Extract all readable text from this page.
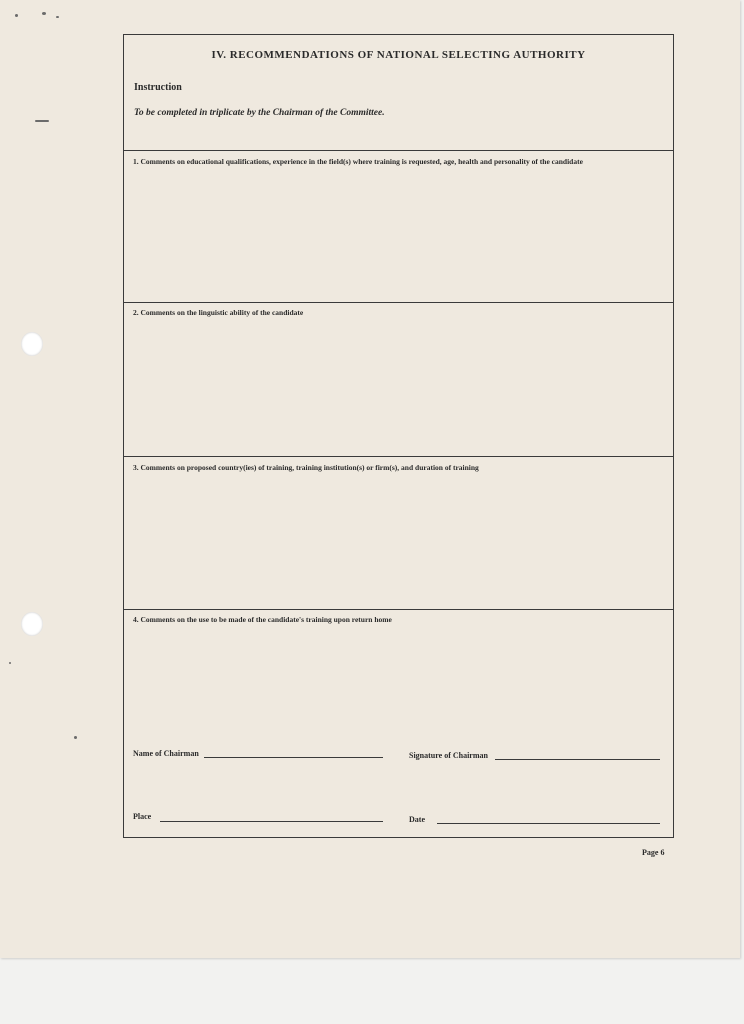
IV. RECOMMENDATIONS OF NATIONAL SELECTING AUTHORITY
Instruction
To be completed in triplicate by the Chairman of the Committee.
1. Comments on educational qualifications, experience in the field(s) where training is requested, age, health and personality of the candidate
2. Comments on the linguistic ability of the candidate
3. Comments on proposed country(ies) of training, training institution(s) or firm(s), and duration of training
4. Comments on the use to be made of the candidate's training upon return home
Name of Chairman	Signature of Chairman
Place	Date
Page 6
